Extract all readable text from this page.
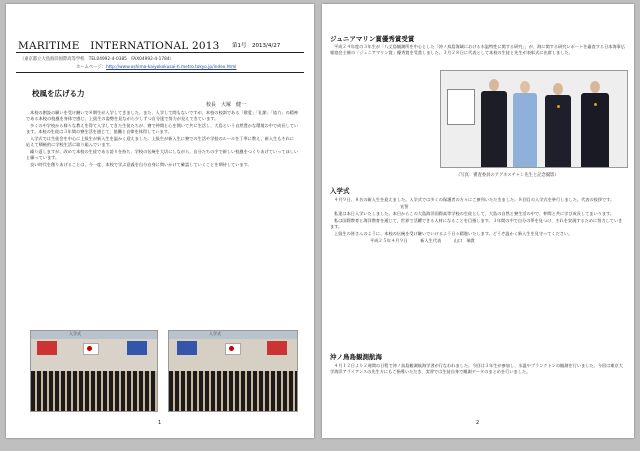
MARITIME　INTERNATIONAL 2013 第1号　2013/4/27
（東京都立大島海洋国際高等学校　TEL04992-4-0385　FAX04992-4-1784）
ホームページ：http://www.oshima-kaiyokokusai-h.metro.tokyo.jp/index.html
校風を広げる力
校長　 大塚　健一

本校の創設の願いを受け継いで８期生が入学してきました。また、入学して間もないですが、本校の校訓である「敬愛」「礼節」「協力」の精神である本校の校風を身体で感じ、上級生の姿勢を見ながら少しずつ自分達で努力が見えてきています。

多くの中学校から様々な教えを得て入学してきた生徒たちが、寮で仲間と心を開いて共に生活し、大島という自然豊かな環境の中で成長しています。本校の生徒は３年間の寮生活を通じて、協働と自律を体得しています。

入学式では生徒会を中心に上級生が新入生を温かく迎えました。上級生が新入生に寮での生活や学校のルールを丁寧に教え、新入生もそれに応えて積極的に学校生活に取り組んでいます。

繰り返しますが、改めて本校の生徒である誇りを持ち、学校の伝統を大切にしながら、自分たちの手で新しい校風をつくりあげていってほしいと願っています。

良い時代を創りあげることは、今一度、本校で学ぶ意義を自分自身に問いかけて確認していくことを期待しています。

入学式	入学式
1
ジュニアマリン賞優秀賞受賞

平成２４年度の３年生が「八丈島観測所を中心とした「沖ノ鳥島海域における水温特性に関する研究」」が、海に関する研究レポートを審査する日本海事広報協会主催の「ジュニアマリン賞」優秀賞を受賞しました。３月２８日に代表として本校の生徒と先生が表彰式に出席しました。

（写真：審査委員のアグネスチャン先生と記念撮影）
入学式

４月９日、８名の新入生を迎えました。入学式では多くの保護者の方々にご参列いただきました。８回目の入学式を挙行しました。代表の挨拶です。

宣誓

私達は本日入学いたしました。本日からこの大島海洋国際高等学校の生徒として、大島の自然と寮生活の中で、仲間と共に学び成長してまいります。

私は国際教育と海洋教育を通じて、世界で活躍できる人材になることを目指します。３年間の中で自分の夢を見つけ、それを実現するために努力していきます。

上級生の皆さんのように、本校の伝統を受け継いでいけるよう日々精進いたします。どうぞ温かく新入生を見守ってください。

平成２５年４月９日　　　新入生代表　　　山口　瑞貴

沖ノ鳥島観測航海

４月１２日より２週間の日程で沖ノ鳥島観測航海学習が行なわれました。今回は３年生が参加し、水温やプランクトンの観測を行いました。今回は東京大学海洋アライアンスの先生方にもご指導いただき、実習では生徒自身で観測データのまとめを行いました。

2
